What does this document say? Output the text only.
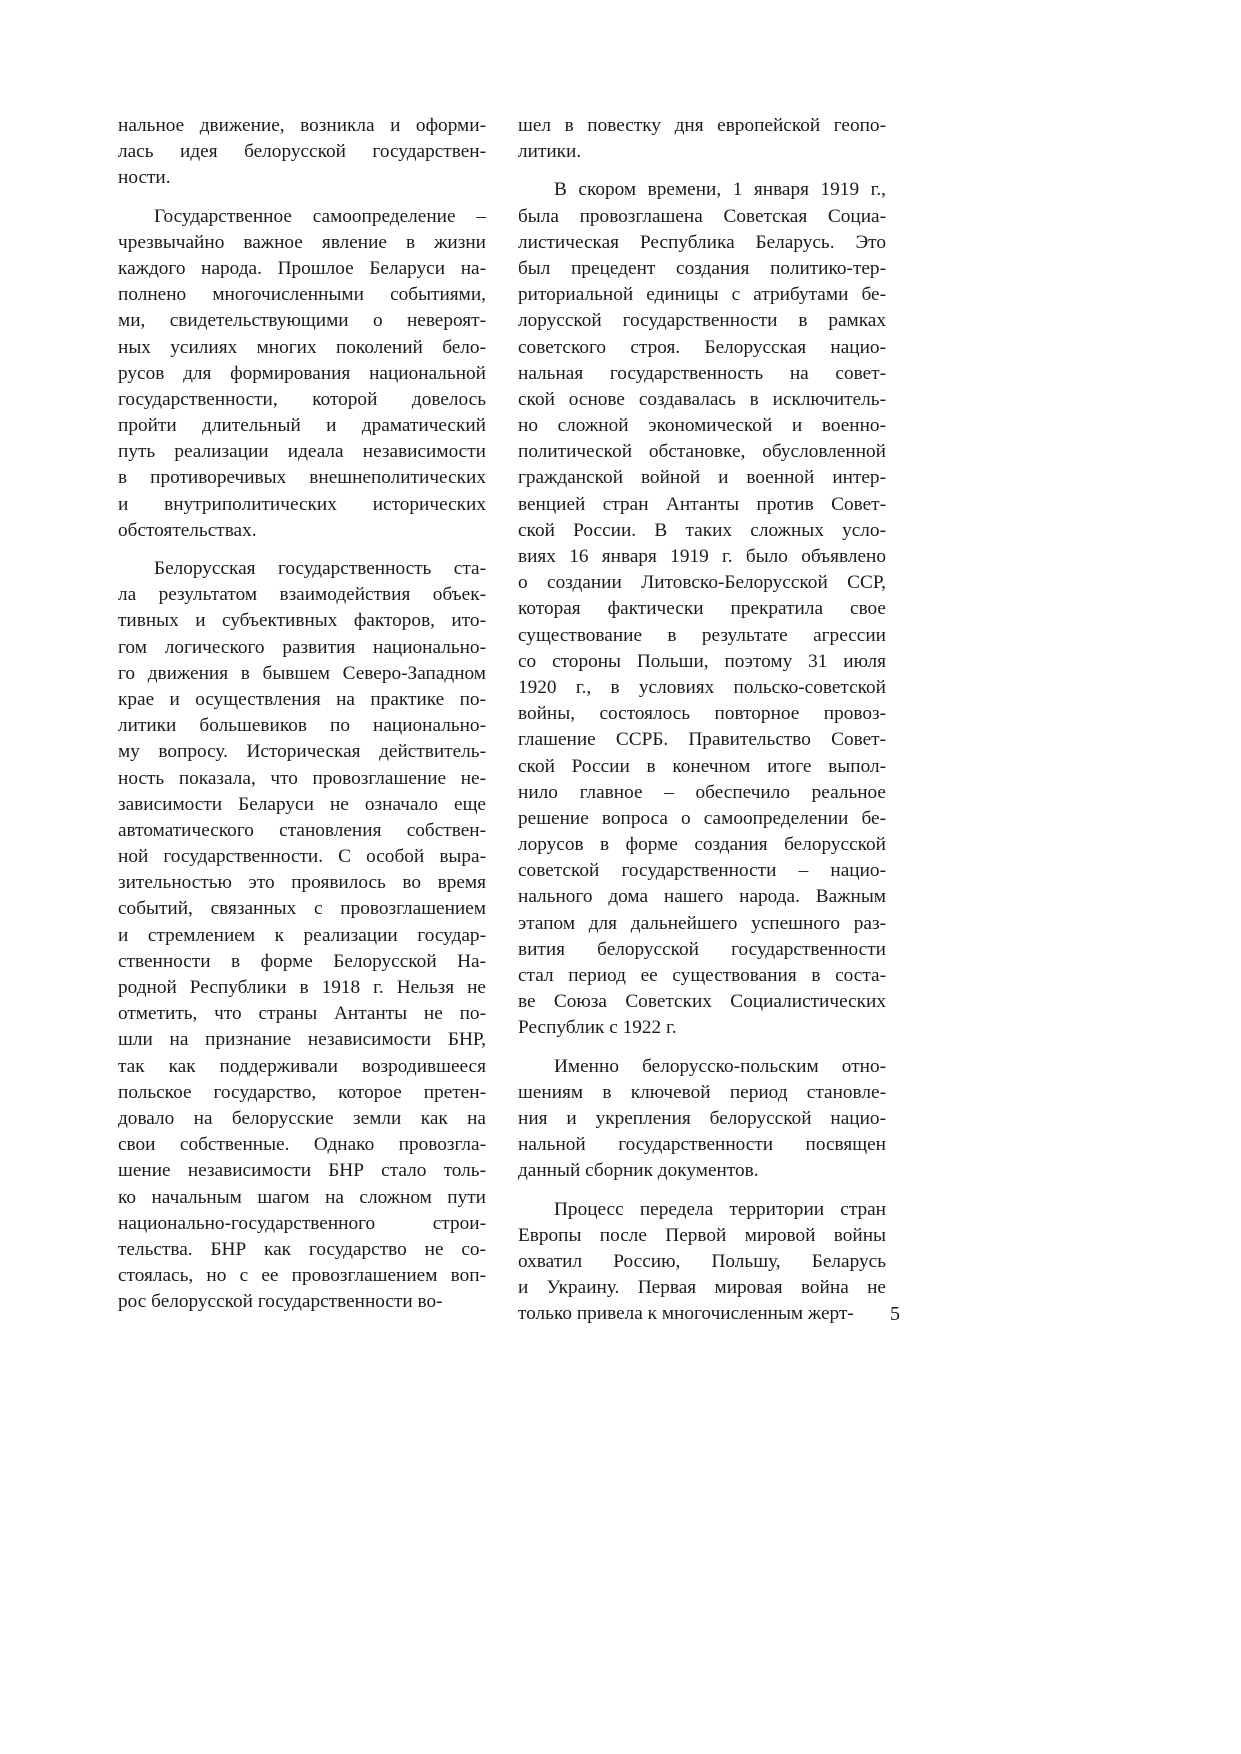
нальное движение, возникла и оформи-
лась идея белорусской государствен-
ности.
Государственное самоопределение –
чрезвычайно важное явление в жизни
каждого народа. Прошлое Беларуси на-
полнено многочисленными событиями,
ми, свидетельствующими о невероят-
ных усилиях многих поколений бело-
русов для формирования национальной
государственности, которой довелось
пройти длительный и драматический
путь реализации идеала независимости
в противоречивых внешнеполитических
и внутриполитических исторических
обстоятельствах.
Белорусская государственность ста-
ла результатом взаимодействия объек-
тивных и субъективных факторов, ито-
гом логического развития национально-
го движения в бывшем Северо-Западном
крае и осуществления на практике по-
литики большевиков по национально-
му вопросу. Историческая действитель-
ность показала, что провозглашение не-
зависимости Беларуси не означало еще
автоматического становления собствен-
ной государственности. С особой выра-
зительностью это проявилось во время
событий, связанных с провозглашением
и стремлением к реализации государ-
ственности в форме Белорусской На-
родной Республики в 1918 г. Нельзя не
отметить, что страны Антанты не по-
шли на признание независимости БНР,
так как поддерживали возродившееся
польское государство, которое претен-
довало на белорусские земли как на
свои собственные. Однако провозгла-
шение независимости БНР стало толь-
ко начальным шагом на сложном пути
национально-государственного строи-
тельства. БНР как государство не со-
стоялась, но с ее провозглашением воп-
рос белорусской государственности во-
шел в повестку дня европейской геопо-
литики.
В скором времени, 1 января 1919 г.,
была провозглашена Советская Социа-
листическая Республика Беларусь. Это
был прецедент создания политико-тер-
риториальной единицы с атрибутами бе-
лорусской государственности в рамках
советского строя. Белорусская нацио-
нальная государственность на совет-
ской основе создавалась в исключитель-
но сложной экономической и военно-
политической обстановке, обусловленной
гражданской войной и военной интер-
венцией стран Антанты против Совет-
ской России. В таких сложных усло-
виях 16 января 1919 г. было объявлено
о создании Литовско-Белорусской ССР,
которая фактически прекратила свое
существование в результате агрессии
со стороны Польши, поэтому 31 июля
1920 г., в условиях польско-советской
войны, состоялось повторное провоз-
глашение ССРБ. Правительство Совет-
ской России в конечном итоге выпол-
нило главное – обеспечило реальное
решение вопроса о самоопределении бе-
лорусов в форме создания белорусской
советской государственности – нацио-
нального дома нашего народа. Важным
этапом для дальнейшего успешного раз-
вития белорусской государственности
стал период ее существования в соста-
ве Союза Советских Социалистических
Республик с 1922 г.
Именно белорусско-польским отно-
шениям в ключевой период становле-
ния и укрепления белорусской нацио-
нальной государственности посвящен
данный сборник документов.
Процесс передела территории стран
Европы после Первой мировой войны
охватил Россию, Польшу, Беларусь
и Украину. Первая мировая война не
только привела к многочисленным жерт-	5
